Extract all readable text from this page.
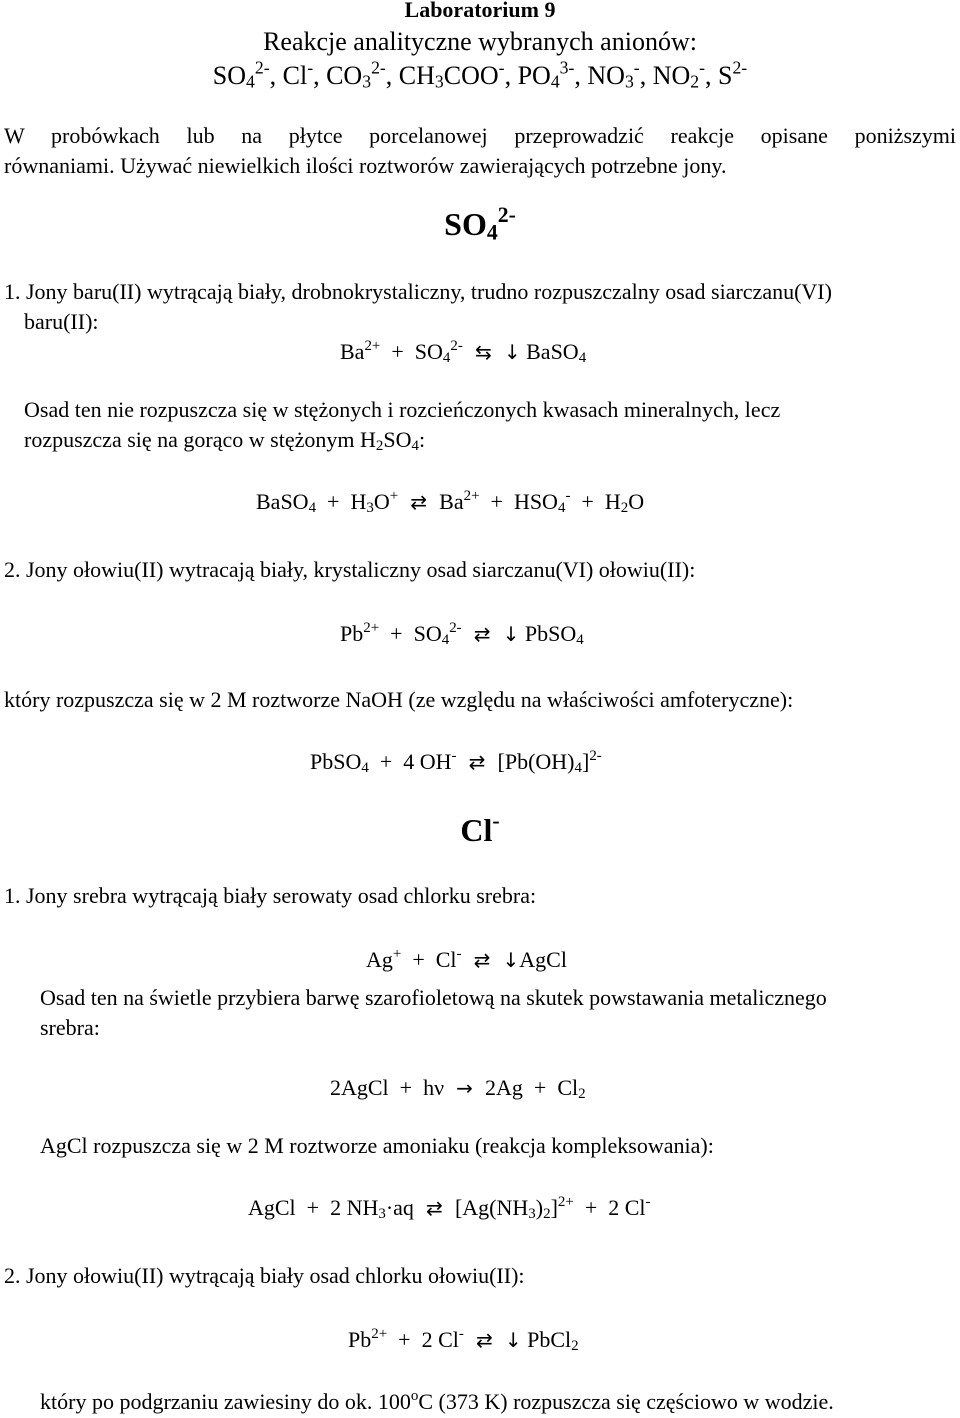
Laboratorium 9
Reakcje analityczne wybranych anionów:
$SO_4^{2-}$, Cl-, $CO_3^{2-}$, $CH_3COO^-$, $PO_4^{3-}$, $NO_3^-$, $NO_2^-$, $S^{2-}$
W probówkach lub na płytce porcelanowej przeprowadzić reakcje opisane poniższymi
równaniami. Używać niewielkich ilości roztworów zawierających potrzebne jony.
$SO_4^{2-}$
1. Jony baru(II) wytrącają biały, drobnokrystaliczny, trudno rozpuszczalny osad siarczanu(VI)
baru(II):
$Ba^{2+} + SO_4^{2-}$ ⇆ ↓ BaSO$_4$
Osad ten nie rozpuszcza się w stężonych i rozcieńczonych kwasach mineralnych, lecz
rozpuszcza się na gorąco w stężonym $H_2SO_4$:
BaSO$_4$  +  $H_3O^+$ ⇄ $Ba^{2+} + HSO_4^- + H_2O$
2. Jony ołowiu(II) wytracają biały, krystaliczny osad siarczanu(VI) ołowiu(II):
$Pb^{2+} + SO_4^{2-}$ ⇄ ↓ PbSO$_4$
który rozpuszcza się w 2 M roztworze NaOH (ze względu na właściwości amfoteryczne):
PbSO$_4$  +  4 OH- ⇄ $[Pb(OH)_4]^{2-}$
Cl-
1. Jony srebra wytrącają biały serowaty osad chlorku srebra:
Ag+  +  Cl- ⇄ ↓AgCl
Osad ten na świetle przybiera barwę szarofioletową na skutek powstawania metalicznego
srebra:
2AgCl  +  $h\nu \to 2Ag + Cl_2$
AgCl rozpuszcza się w 2 M roztworze amoniaku (reakcja kompleksowania):
AgCl  +  2 $NH_3\cdot aq$ ⇄ $[Ag(NH_3)_2]^{2+} + 2$ Cl-
2. Jony ołowiu(II) wytrącają biały osad chlorku ołowiu(II):
$Pb^{2+} + 2$ Cl- ⇄ ↓ PbCl$_2$
który po podgrzaniu zawiesiny do ok. 100$^o$C (373 K) rozpuszcza się częściowo w wodzie.
